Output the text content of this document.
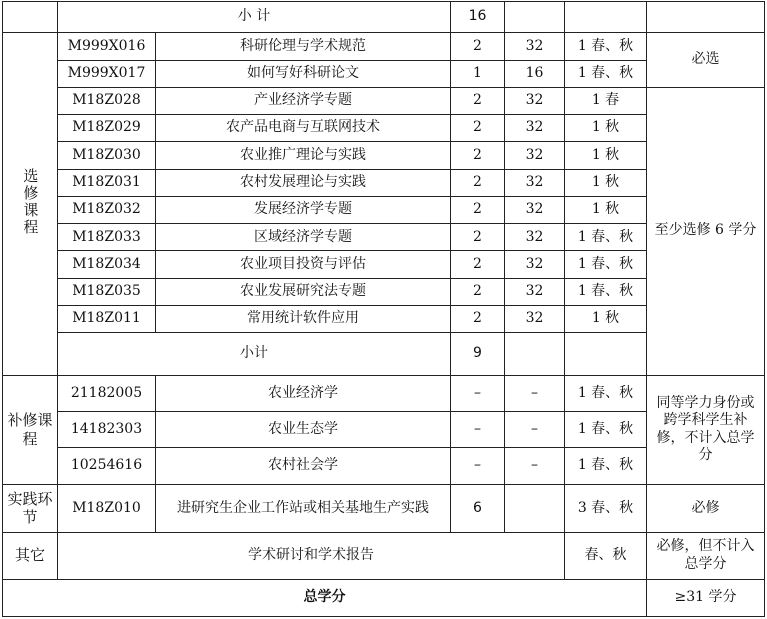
	小 计		16				
选修课程	M999X016	科研伦理与学术规范	2	32	1 春、秋	必选	
	M999X017	如何写好科研论文	1	16	1 春、秋		
	M18Z028	产业经济学专题	2	32	1 春	至少选修 6 学分	
	M18Z029	农产品电商与互联网技术	2	32	1 秋		
	M18Z030	农业推广理论与实践	2	32	1 秋		
	M18Z031	农村发展理论与实践	2	32	1 秋		
	M18Z032	发展经济学专题	2	32	1 秋		
	M18Z033	区域经济学专题	2	32	1 春、秋		
	M18Z034	农业项目投资与评估	2	32	1 春、秋		
	M18Z035	农业发展研究法专题	2	32	1 春、秋		
	M18Z011	常用统计软件应用	2	32	1 秋		
	小计		9				
补修课程	21182005	农业经济学	–	–	1 春、秋	同等学力身份或跨学科学生补修，不计入总学分	
	14182303	农业生态学	–	–	1 春、秋		
	10254616	农村社会学	–	–	1 春、秋		
实践环节	M18Z010	进研究生企业工作站或相关基地生产实践	6		3 春、秋	必修	
其它	学术研讨和学术报告				春、秋	必修，但不计入总学分	
总学分						≥31 学分	
